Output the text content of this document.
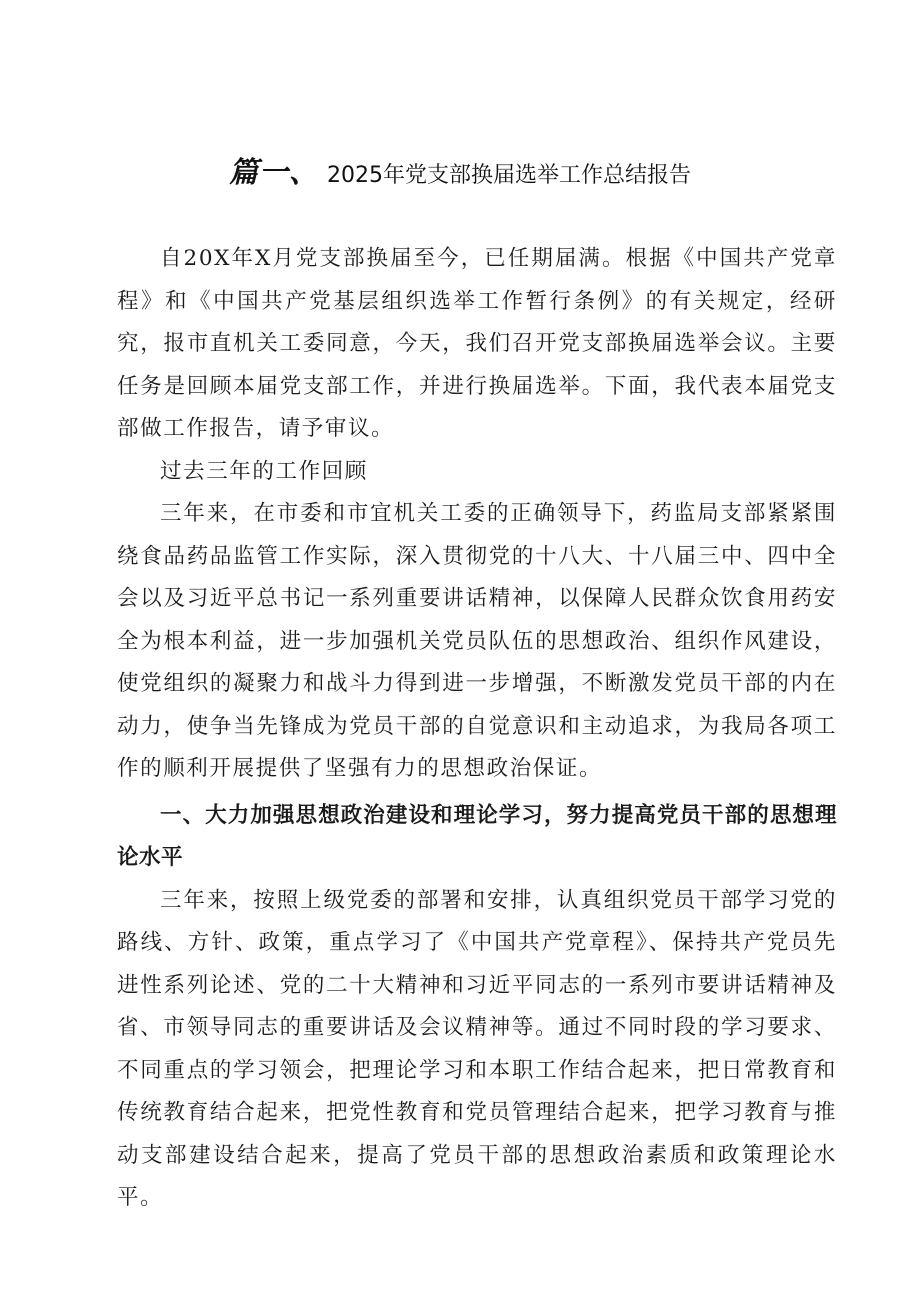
篇一、 2025年党支部换届选举工作总结报告

自20X年X月党支部换届至今，已任期届满。根据《中国共产党章程》和《中国共产党基层组织选举工作暂行条例》的有关规定，经研究，报市直机关工委同意，今天，我们召开党支部换届选举会议。主要任务是回顾本届党支部工作，并进行换届选举。下面，我代表本届党支部做工作报告，请予审议。

过去三年的工作回顾

三年来，在市委和市宜机关工委的正确领导下，药监局支部紧紧围绕食品药品监管工作实际，深入贯彻党的十八大、十八届三中、四中全会以及习近平总书记一系列重要讲话精神，以保障人民群众饮食用药安全为根本利益，进一步加强机关党员队伍的思想政治、组织作风建设，使党组织的凝聚力和战斗力得到进一步增强，不断激发党员干部的内在动力，使争当先锋成为党员干部的自觉意识和主动追求，为我局各项工作的顺利开展提供了坚强有力的思想政治保证。

一、大力加强思想政治建设和理论学习，努力提高党员干部的思想理论水平

三年来，按照上级党委的部署和安排，认真组织党员干部学习党的路线、方针、政策，重点学习了《中国共产党章程》、保持共产党员先进性系列论述、党的二十大精神和习近平同志的一系列市要讲话精神及省、市领导同志的重要讲话及会议精神等。通过不同时段的学习要求、不同重点的学习领会，把理论学习和本职工作结合起来，把日常教育和传统教育结合起来，把党性教育和党员管理结合起来，把学习教育与推动支部建设结合起来，提高了党员干部的思想政治素质和政策理论水平。
